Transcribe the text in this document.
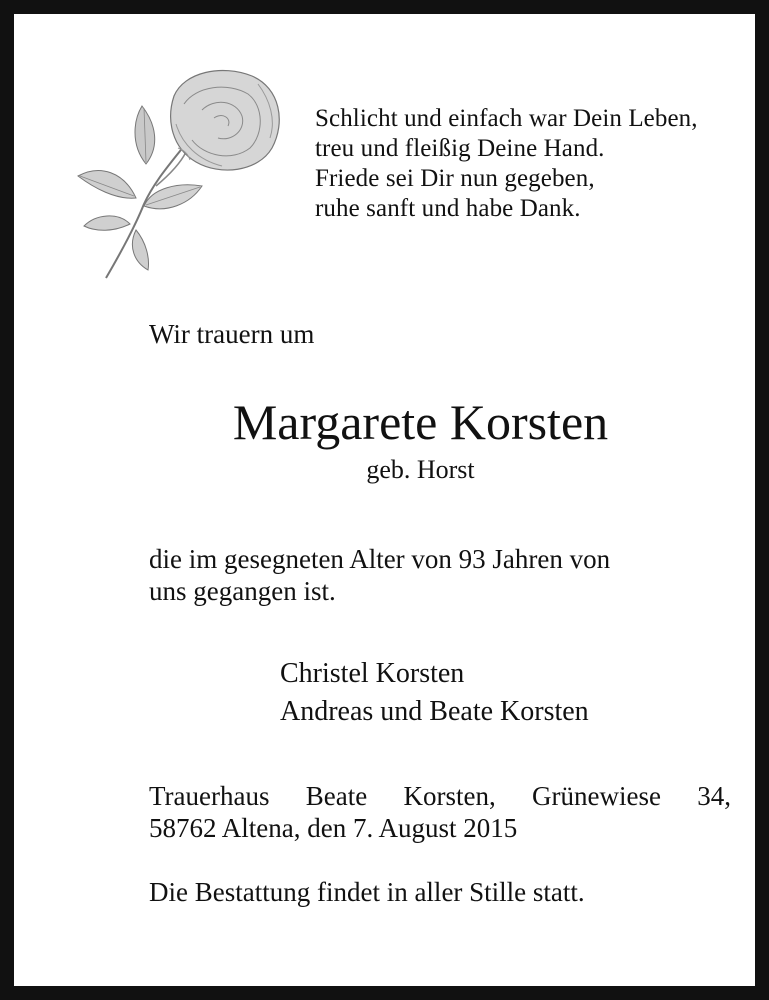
Schlicht und einfach war Dein Leben,
treu und fleißig Deine Hand.
Friede sei Dir nun gegeben,
ruhe sanft und habe Dank.
Wir trauern um
Margarete Korsten
geb. Horst
die im gesegneten Alter von 93 Jahren von
uns gegangen ist.
Christel Korsten
Andreas und Beate Korsten
Trauerhaus Beate Korsten, Grünewiese 34,
58762 Altena, den 7. August 2015
Die Bestattung findet in aller Stille statt.
